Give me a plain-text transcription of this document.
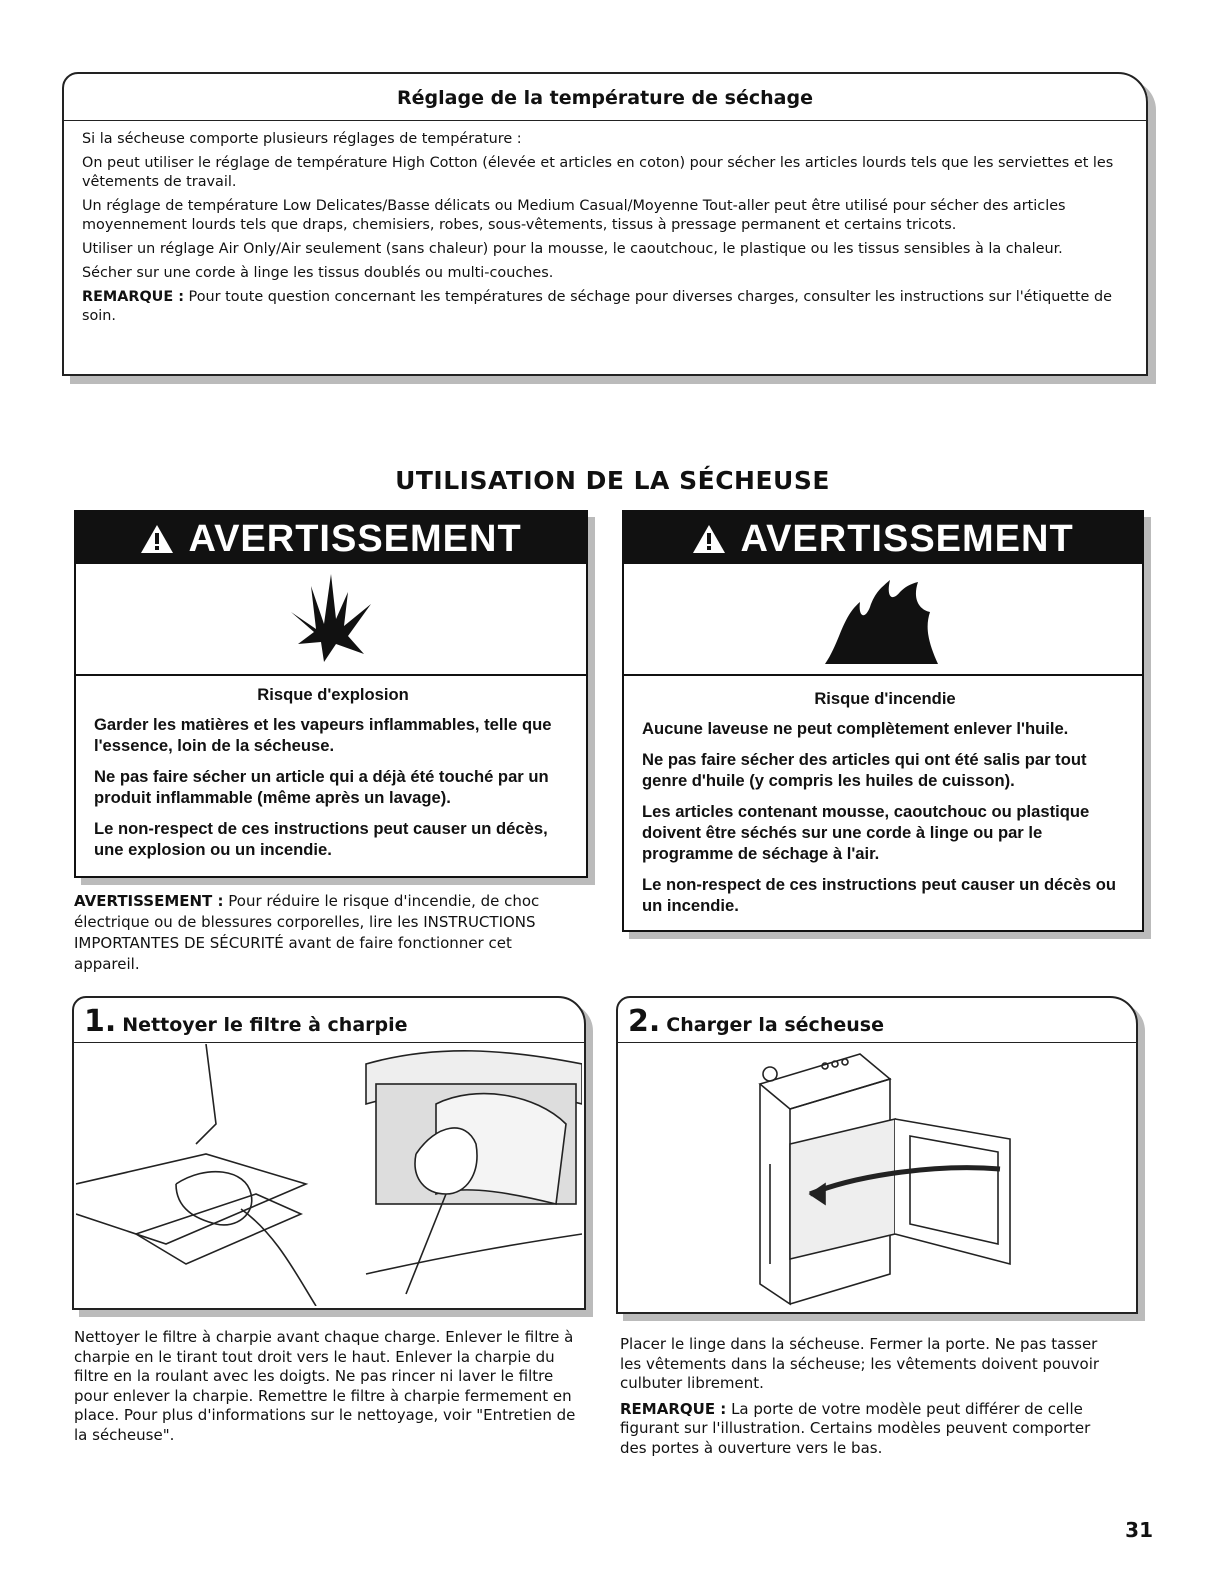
Réglage de la température de séchage

Si la sécheuse comporte plusieurs réglages de température :

On peut utiliser le réglage de température High Cotton (élevée et articles en coton) pour sécher les articles lourds tels que les serviettes et les vêtements de travail.

Un réglage de température Low Delicates/Basse délicats ou Medium Casual/Moyenne Tout-aller peut être utilisé pour sécher des articles moyennement lourds tels que draps, chemisiers, robes, sous-vêtements, tissus à pressage permanent et certains tricots.

Utiliser un réglage Air Only/Air seulement (sans chaleur) pour la mousse, le caoutchouc, le plastique ou les tissus sensibles à la chaleur.

Sécher sur une corde à linge les tissus doublés ou multi-couches.

REMARQUE : Pour toute question concernant les températures de séchage pour diverses charges, consulter les instructions sur l'étiquette de soin.

UTILISATION DE LA SÉCHEUSE
AVERTISSEMENT
Risque d'explosion

Garder les matières et les vapeurs inflammables, telle que l'essence, loin de la sécheuse.

Ne pas faire sécher un article qui a déjà été touché par un produit inflammable (même après un lavage).

Le non-respect de ces instructions peut causer un décès, une explosion ou un incendie.

AVERTISSEMENT
Risque d'incendie

Aucune laveuse ne peut complètement enlever l'huile.

Ne pas faire sécher des articles qui ont été salis par tout genre d'huile (y compris les huiles de cuisson).

Les articles contenant mousse, caoutchouc ou plastique doivent être séchés sur une corde à linge ou par le programme de séchage à l'air.

Le non-respect de ces instructions peut causer un décès ou un incendie.

AVERTISSEMENT : Pour réduire le risque d'incendie, de choc électrique ou de blessures corporelles, lire les INSTRUCTIONS IMPORTANTES DE SÉCURITÉ avant de faire fonctionner cet appareil.
1. Nettoyer le filtre à charpie
Nettoyer le filtre à charpie avant chaque charge. Enlever le filtre à charpie en le tirant tout droit vers le haut. Enlever la charpie du filtre en la roulant avec les doigts. Ne pas rincer ni laver le filtre pour enlever la charpie. Remettre le filtre à charpie fermement en place. Pour plus d'informations sur le nettoyage, voir "Entretien de la sécheuse".
2. Charger la sécheuse

Placer le linge dans la sécheuse. Fermer la porte. Ne pas tasser les vêtements dans la sécheuse; les vêtements doivent pouvoir culbuter librement.

REMARQUE : La porte de votre modèle peut différer de celle figurant sur l'illustration. Certains modèles peuvent comporter des portes à ouverture vers le bas.

31
